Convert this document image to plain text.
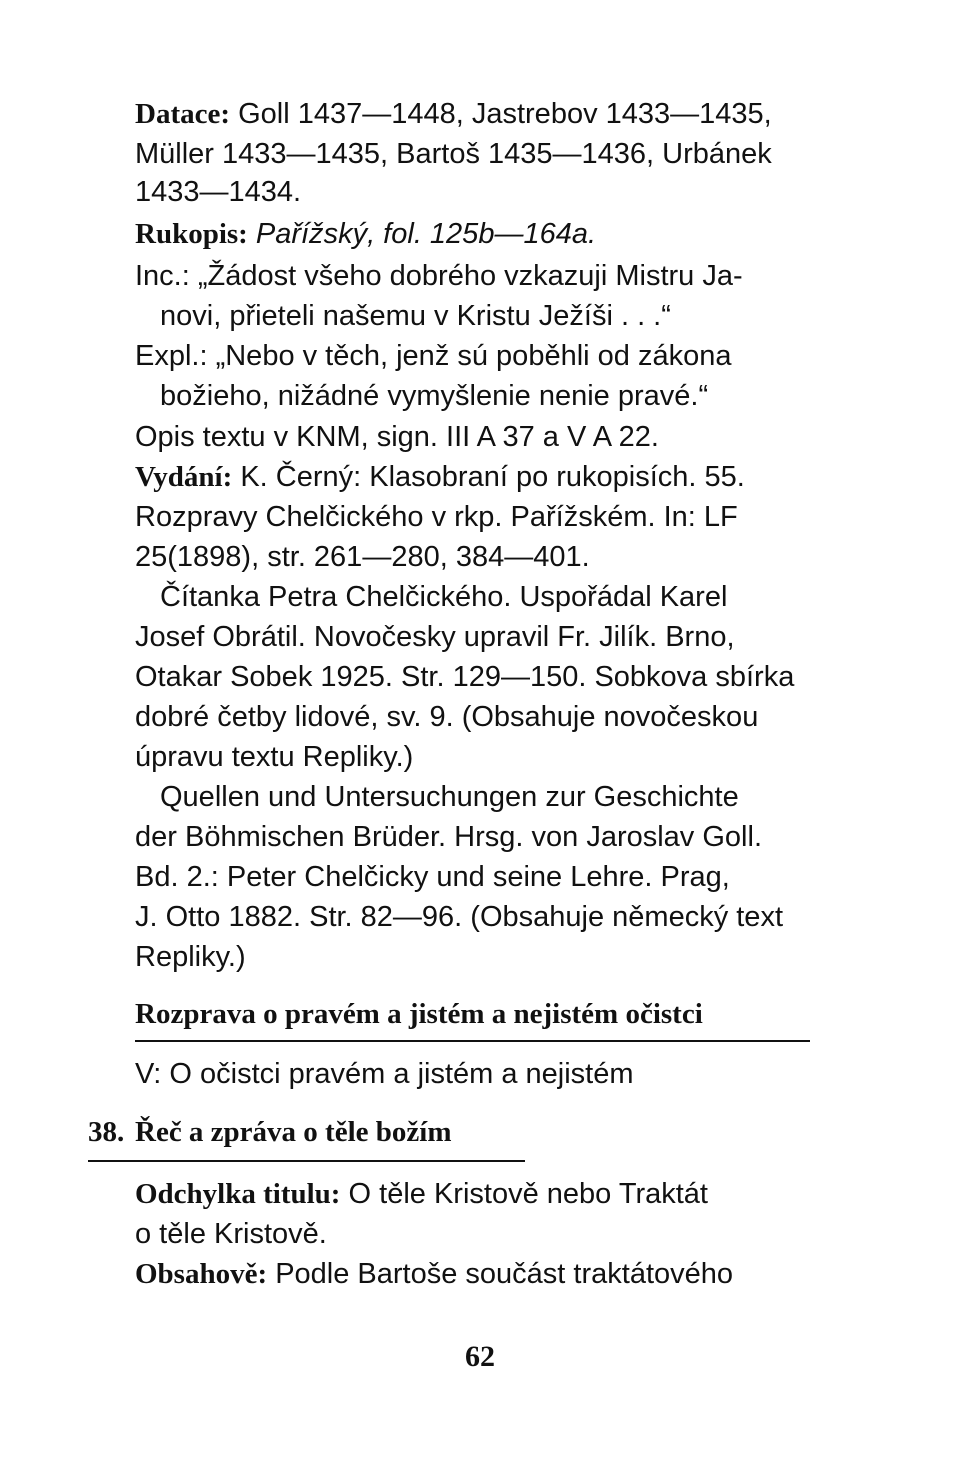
Datace: Goll 1437—1448, Jastrebov 1433—1435,
Müller 1433—1435, Bartoš 1435—1436, Urbánek
1433—1434.
Rukopis: Pařížský, fol. 125b—164a.
Inc.: „Žádost všeho dobrého vzkazuji Mistru Ja-
novi, přieteli našemu v Kristu Ježíši . . .“
Expl.: „Nebo v těch, jenž sú poběhli od zákona
božieho, nižádné vymyšlenie nenie pravé.“
Opis textu v KNM, sign. III A 37 a V A 22.
Vydání: K. Černý: Klasobraní po rukopisích. 55.
Rozpravy Chelčického v rkp. Pařížském. In: LF
25(1898), str. 261—280, 384—401.
Čítanka Petra Chelčického. Uspořádal Karel
Josef Obrátil. Novočesky upravil Fr. Jilík. Brno,
Otakar Sobek 1925. Str. 129—150. Sobkova sbírka
dobré četby lidové, sv. 9. (Obsahuje novočeskou
úpravu textu Repliky.)
Quellen und Untersuchungen zur Geschichte
der Böhmischen Brüder. Hrsg. von Jaroslav Goll.
Bd. 2.: Peter Chelčicky und seine Lehre. Prag,
J. Otto 1882. Str. 82—96. (Obsahuje německý text
Repliky.)
Rozprava o pravém a jistém a nejistém očistci
V: O očistci pravém a jistém a nejistém
38. Řeč a zpráva o těle božím
Odchylka titulu: O těle Kristově nebo Traktát
o těle Kristově.
Obsahově: Podle Bartoše součást traktátového
62
